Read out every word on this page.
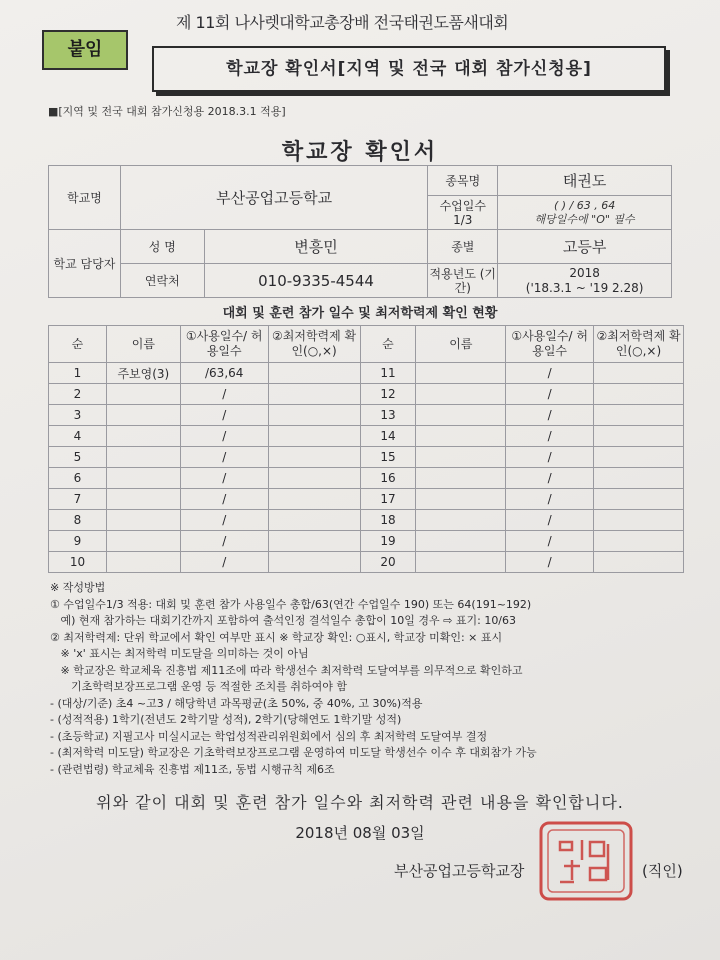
제 11회 나사렛대학교총장배 전국태권도품새대회
붙임
학교장 확인서[지역 및 전국 대회 참가신청용]
■[지역 및 전국 대회 참가신청용 2018.3.1 적용]
학교장 확인서
학교명	부산공업고등학교		종목명	태권도
			수업일수 1/3	( ) / 63 , 64
해당일수에 "O" 필수

학교 담당자	성 명	변흥민	종별	고등부
	연락처	010-9335-4544	적용년도 (기간)	2018
('18.3.1 ~ '19 2.28)
대회 및 훈련 참가 일수 및 최저학력제 확인 현황
순	이름	①사용일수/ 허용일수	②최저학력제 확인(○,×)	순	이름	①사용일수/ 허용일수	②최저학력제 확인(○,×)
1	주보영(3)	/63,64		11		/	
2		/		12		/	
3		/		13		/	
4		/		14		/	
5		/		15		/	
6		/		16		/	
7		/		17		/	
8		/		18		/	
9		/		19		/	
10		/		20		/	
※ 작성방법
① 수업일수1/3 적용: 대회 및 훈련 참가 사용일수 총합/63(연간 수업일수 190) 또는 64(191~192)
예) 현재 참가하는 대회기간까지 포함하여 출석인정 결석일수 총합이 10일 경우 ⇨ 표기: 10/63
② 최저학력제: 단위 학교에서 확인 여부만 표시 ※ 학교장 확인: ○표시, 학교장 미확인: × 표시
※ 'x' 표시는 최저학력 미도달을 의미하는 것이 아님
※ 학교장은 학교체육 진흥법 제11조에 따라 학생선수 최저학력 도달여부를 의무적으로 확인하고
기초학력보장프로그램 운영 등 적절한 조치를 취하여야 함
- (대상/기준) 초4 ~고3 / 해당학년 과목평균(초 50%, 중 40%, 고 30%)적용
- (성적적용) 1학기(전년도 2학기말 성적), 2학기(당해연도 1학기말 성적)
- (초등학교) 지필고사 미실시교는 학업성적관리위원회에서 심의 후 최저학력 도달여부 결정
- (최저학력 미도달) 학교장은 기초학력보장프로그램 운영하여 미도달 학생선수 이수 후 대회참가 가능
- (관련법령) 학교체육 진흥법 제11조, 동법 시행규칙 제6조
위와 같이 대회 및 훈련 참가 일수와 최저학력 관련 내용을 확인합니다.
2018년 08월 03일
부산공업고등학교장	(직인)
